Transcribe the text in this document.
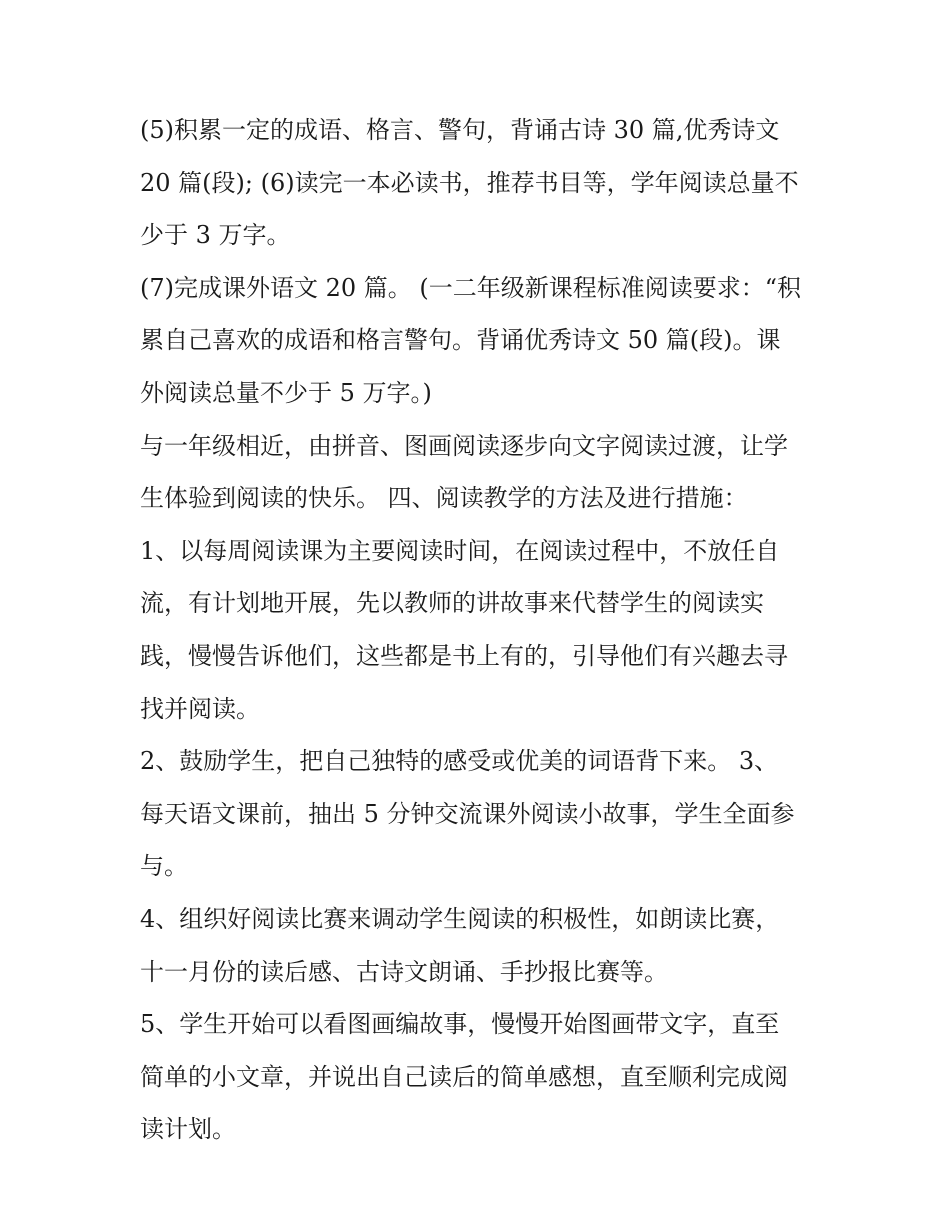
(5)积累一定的成语、格言、警句，背诵古诗 30 篇,优秀诗文
20 篇(段); (6)读完一本必读书，推荐书目等，学年阅读总量不
少于 3 万字。

(7)完成课外语文 20 篇。 (一二年级新课程标准阅读要求：“积
累自己喜欢的成语和格言警句。背诵优秀诗文 50 篇(段)。课
外阅读总量不少于 5 万字。)

与一年级相近，由拼音、图画阅读逐步向文字阅读过渡，让学
生体验到阅读的快乐。 四、阅读教学的方法及进行措施：

1、以每周阅读课为主要阅读时间，在阅读过程中，不放任自
流，有计划地开展，先以教师的讲故事来代替学生的阅读实
践，慢慢告诉他们，这些都是书上有的，引导他们有兴趣去寻
找并阅读。

2、鼓励学生，把自己独特的感受或优美的词语背下来。 3、
每天语文课前，抽出 5 分钟交流课外阅读小故事，学生全面参
与。

4、组织好阅读比赛来调动学生阅读的积极性，如朗读比赛，
十一月份的读后感、古诗文朗诵、手抄报比赛等。

5、学生开始可以看图画编故事，慢慢开始图画带文字，直至
简单的小文章，并说出自己读后的简单感想，直至顺利完成阅
读计划。
